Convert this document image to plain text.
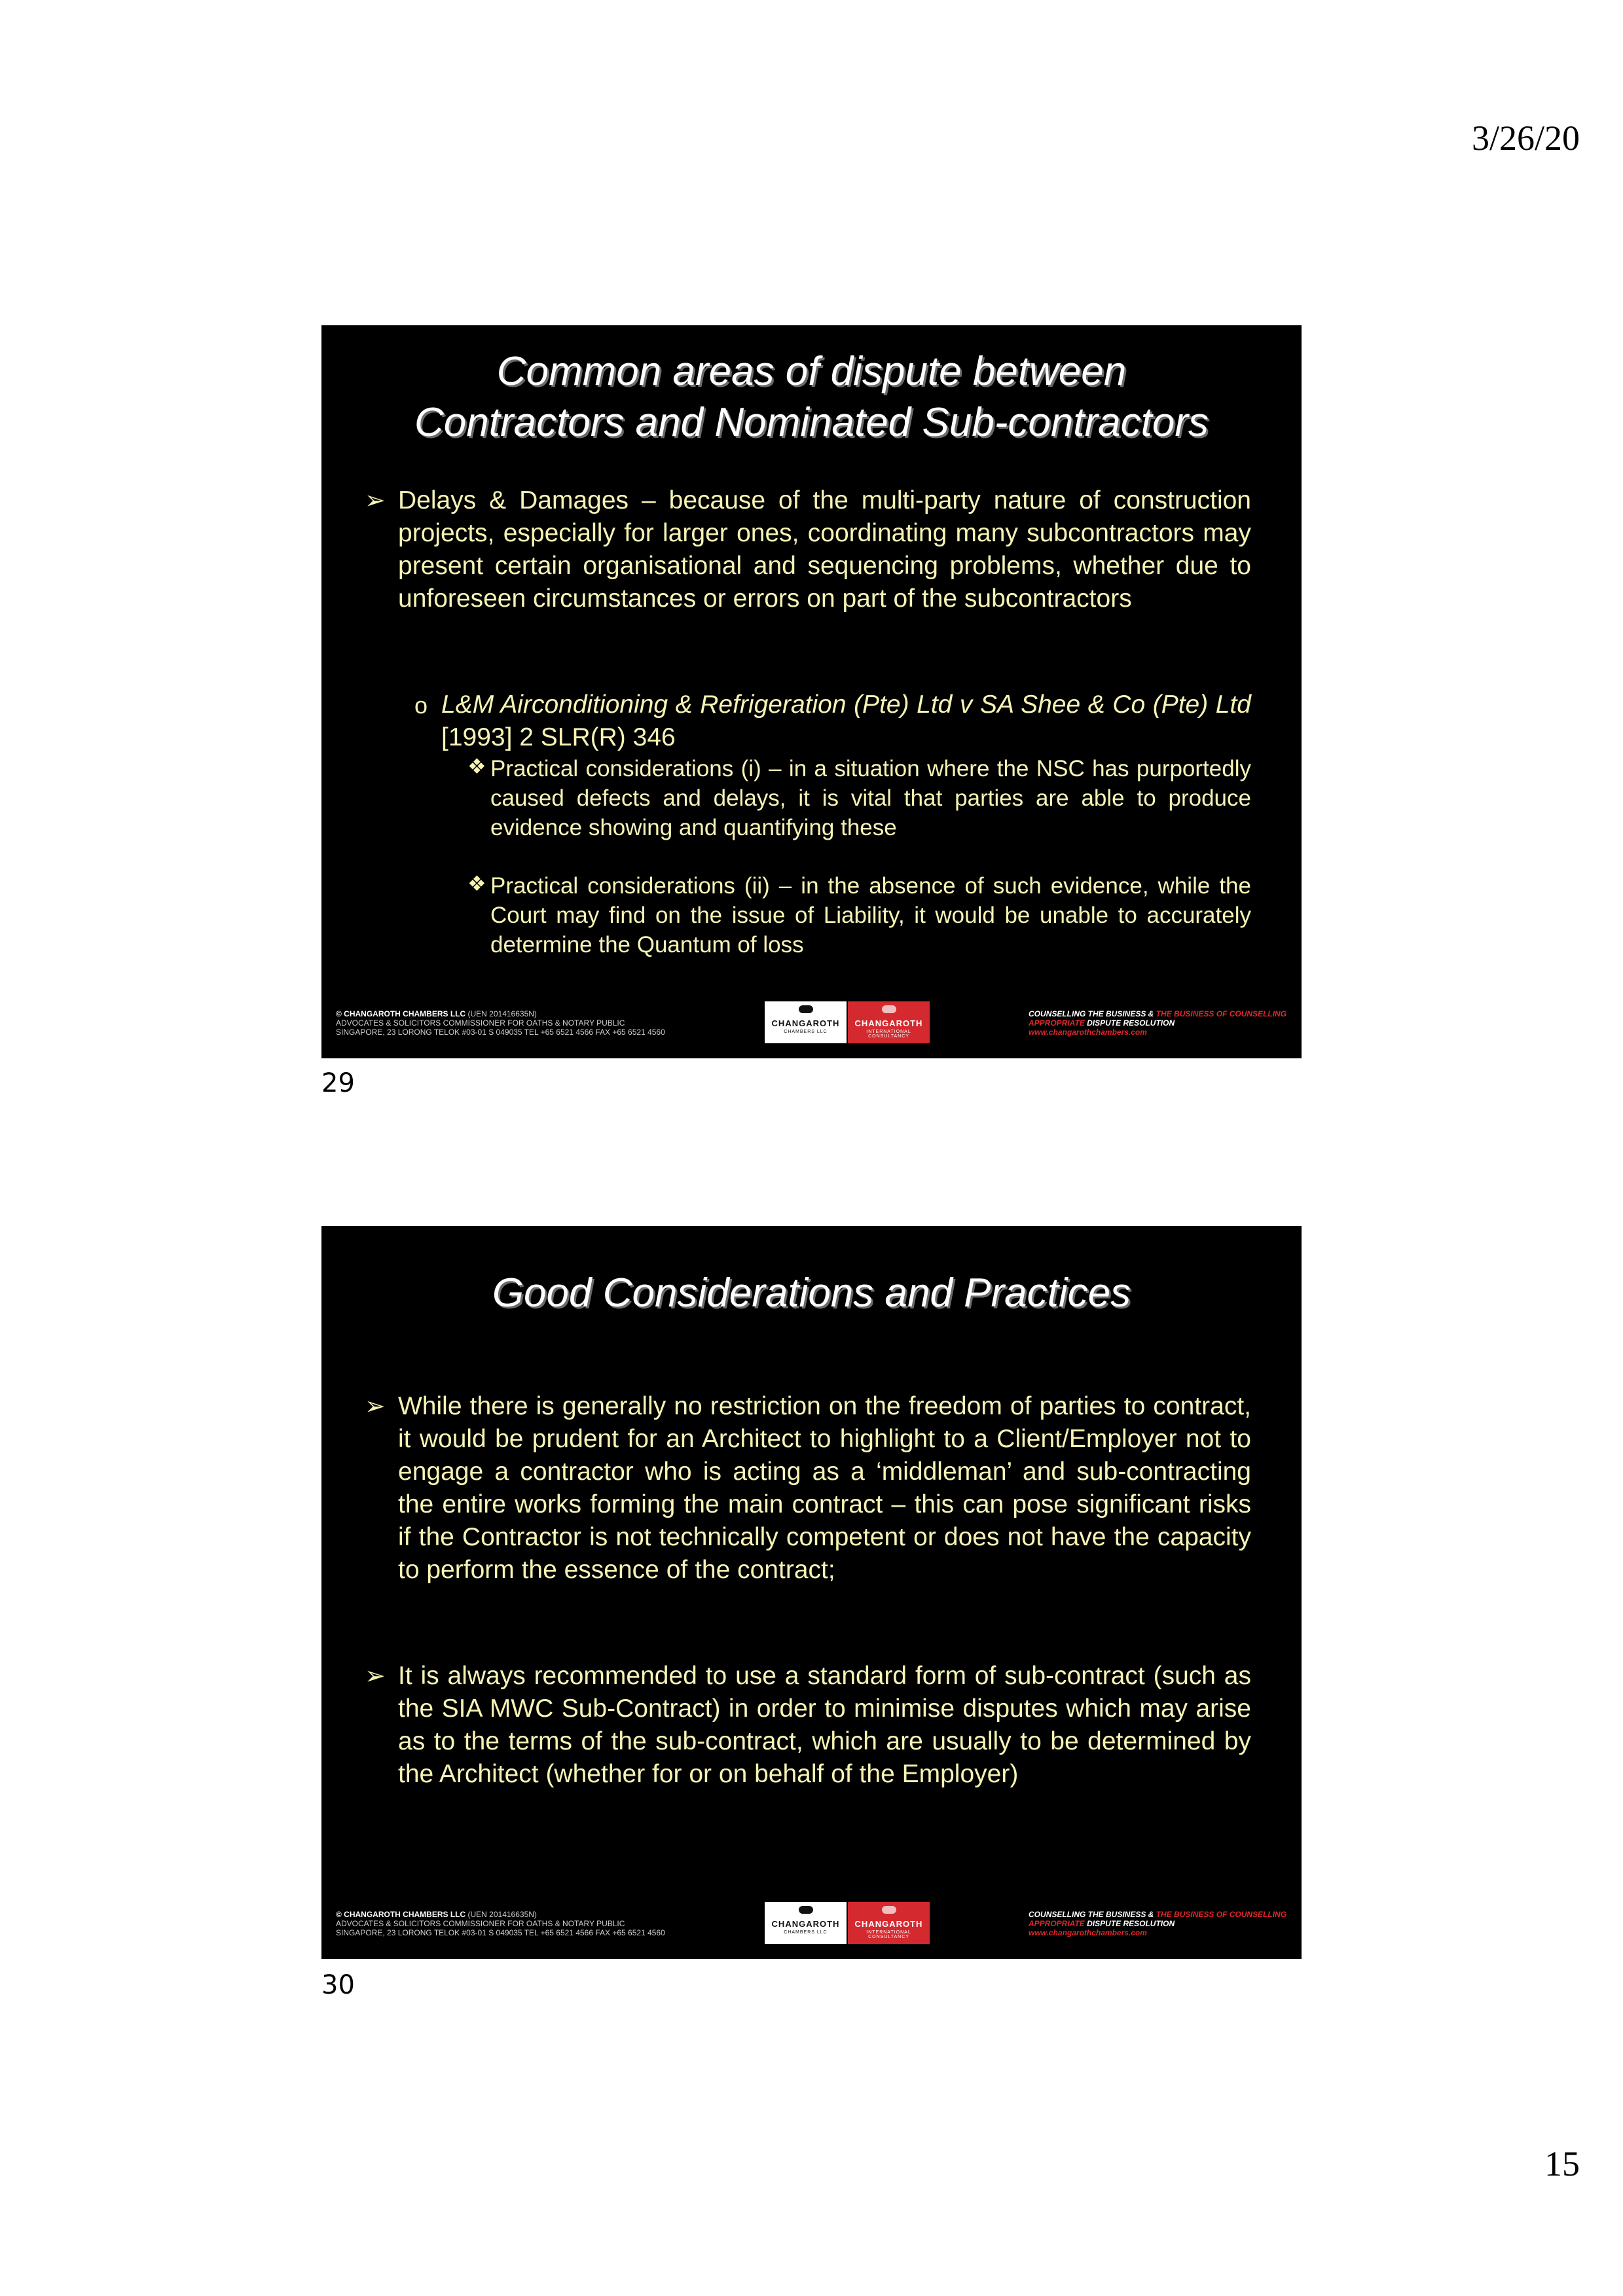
3/26/20
Common areas of dispute between
Contractors and Nominated Sub-contractors
➢ Delays & Damages – because of the multi-party nature of construction projects, especially for larger ones, coordinating many subcontractors may present certain organisational and sequencing problems, whether due to unforeseen circumstances or errors on part of the subcontractors
o L&M Airconditioning & Refrigeration (Pte) Ltd v SA Shee & Co (Pte) Ltd [1993] 2 SLR(R) 346
❖ Practical considerations (i) – in a situation where the NSC has purportedly caused defects and delays, it is vital that parties are able to produce evidence showing and quantifying these
❖ Practical considerations (ii) – in the absence of such evidence, while the Court may find on the issue of Liability, it would be unable to accurately determine the Quantum of loss
© CHANGAROTH CHAMBERS LLC (UEN 201416635N)
ADVOCATES & SOLICITORS COMMISSIONER FOR OATHS & NOTARY PUBLIC
SINGAPORE, 23 LORONG TELOK #03-01 S 049035 TEL +65 6521 4566 FAX +65 6521 4560
CHANGAROTH
CHAMBERS LLC
CHANGAROTH
INTERNATIONAL CONSULTANCY
COUNSELLING THE BUSINESS & THE BUSINESS OF COUNSELLING
APPROPRIATE DISPUTE RESOLUTION
www.changarothchambers.com
29
Good Considerations and Practices
➢ While there is generally no restriction on the freedom of parties to contract, it would be prudent for an Architect to highlight to a Client/Employer not to engage a contractor who is acting as a ‘middleman’ and sub-contracting the entire works forming the main contract – this can pose significant risks if the Contractor is not technically competent or does not have the capacity to perform the essence of the contract;
➢ It is always recommended to use a standard form of sub-contract (such as the SIA MWC Sub-Contract) in order to minimise disputes which may arise as to the terms of the sub-contract, which are usually to be determined by the Architect (whether for or on behalf of the Employer)
© CHANGAROTH CHAMBERS LLC (UEN 201416635N)
ADVOCATES & SOLICITORS COMMISSIONER FOR OATHS & NOTARY PUBLIC
SINGAPORE, 23 LORONG TELOK #03-01 S 049035 TEL +65 6521 4566 FAX +65 6521 4560
CHANGAROTH
CHAMBERS LLC
CHANGAROTH
INTERNATIONAL CONSULTANCY
COUNSELLING THE BUSINESS & THE BUSINESS OF COUNSELLING
APPROPRIATE DISPUTE RESOLUTION
www.changarothchambers.com
30
15
